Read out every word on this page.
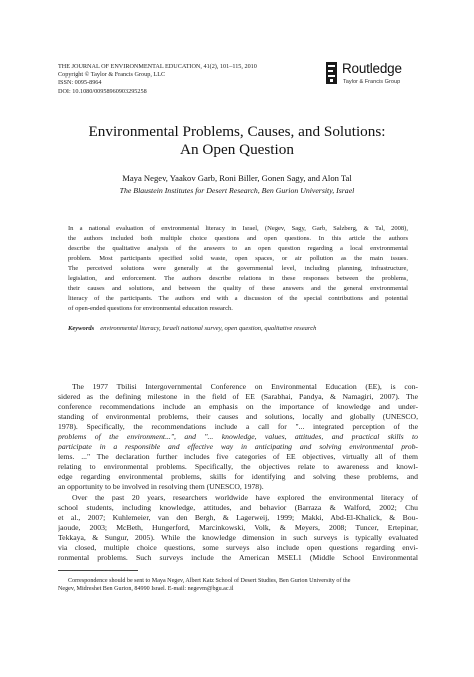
THE JOURNAL OF ENVIRONMENTAL EDUCATION, 41(2), 101–115, 2010
Copyright © Taylor & Francis Group, LLC
ISSN: 0095-8964
DOI: 10.1080/00958960903295258
Routledge
Taylor & Francis Group
Environmental Problems, Causes, and Solutions:
An Open Question
Maya Negev, Yaakov Garb, Roni Biller, Gonen Sagy, and Alon Tal
The Blaustein Institutes for Desert Research, Ben Gurion University, Israel
In a national evaluation of environmental literacy in Israel, (Negev, Sagy, Garb, Salzberg, & Tal, 2008),
the authors included both multiple choice questions and open questions. In this article the authors
describe the qualitative analysis of the answers to an open question regarding a local environmental
problem. Most participants specified solid waste, open spaces, or air pollution as the main issues.
The perceived solutions were generally at the governmental level, including planning, infrastructure,
legislation, and enforcement. The authors describe relations in these responses between the problems,
their causes and solutions, and between the quality of these answers and the general environmental
literacy of the participants. The authors end with a discussion of the special contributions and potential
of open-ended questions for environmental education research.
Keywords environmental literacy, Israeli national survey, open question, qualitative research
The 1977 Tbilisi Intergovernmental Conference on Environmental Education (EE), is con-
sidered as the defining milestone in the field of EE (Sarabhai, Pandya, & Namagiri, 2007). The
conference recommendations include an emphasis on the importance of knowledge and under-
standing of environmental problems, their causes and solutions, locally and globally (UNESCO,
1978). Specifically, the recommendations include a call for "... integrated perception of the
problems of the environment...", and "... knowledge, values, attitudes, and practical skills to
participate in a responsible and effective way in anticipating and solving environmental prob-
lems. ..." The declaration further includes five categories of EE objectives, virtually all of them
relating to environmental problems. Specifically, the objectives relate to awareness and knowl-
edge regarding environmental problems, skills for identifying and solving these problems, and
an opportunity to be involved in resolving them (UNESCO, 1978).
Over the past 20 years, researchers worldwide have explored the environmental literacy of
school students, including knowledge, attitudes, and behavior (Barraza & Walford, 2002; Chu
et al., 2007; Kuhlemeier, van den Bergh, & Lagerweij, 1999; Makki, Abd-El-Khalick, & Bou-
jaoude, 2003; McBeth, Hungerford, Marcinkowski, Volk, & Meyers, 2008; Tuncer, Ertepinar,
Tekkaya, & Sungur, 2005). While the knowledge dimension in such surveys is typically evaluated
via closed, multiple choice questions, some surveys also include open questions regarding envi-
ronmental problems. Such surveys include the American MSEL1 (Middle School Environmental
Correspondence should be sent to Maya Negev, Albert Katz School of Desert Studies, Ben Gurion University of the
Negev, Midreshet Ben Gurion, 84990 Israel. E-mail: negevm@bgu.ac.il
